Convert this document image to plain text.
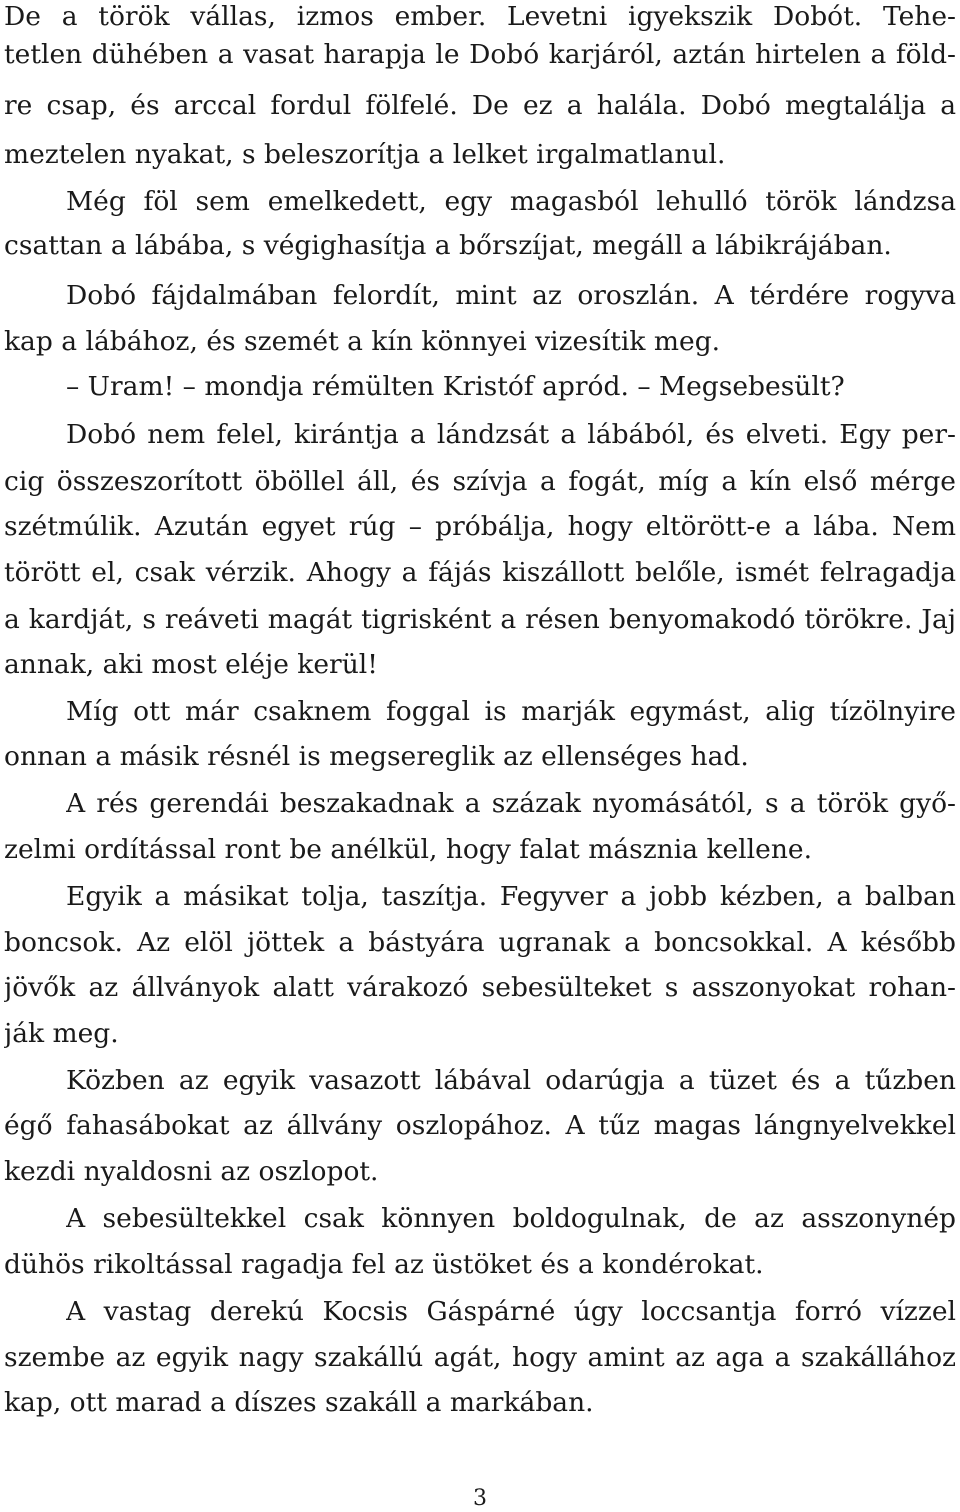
De a török vállas, izmos ember. Levetni igyekszik Dobót. Tehe-
tetlen dühében a vasat harapja le Dobó karjáról, aztán hirtelen a föld-
re csap, és arccal fordul fölfelé. De ez a halála. Dobó megtalálja a
meztelen nyakat, s beleszorítja a lelket irgalmatlanul.
Még föl sem emelkedett, egy magasból lehulló török lándzsa
csattan a lábába, s végighasítja a bőrszíjat, megáll a lábikrájában.
Dobó fájdalmában felordít, mint az oroszlán. A térdére rogyva
kap a lábához, és szemét a kín könnyei vizesítik meg.
– Uram! – mondja rémülten Kristóf apród. – Megsebesült?
Dobó nem felel, kirántja a lándzsát a lábából, és elveti. Egy per-
cig összeszorított öböllel áll, és szívja a fogát, míg a kín első mérge
szétmúlik. Azután egyet rúg – próbálja, hogy eltörött-e a lába. Nem
törött el, csak vérzik. Ahogy a fájás kiszállott belőle, ismét felragadja
a kardját, s reáveti magát tigrisként a résen benyomakodó törökre. Jaj
annak, aki most eléje kerül!
Míg ott már csaknem foggal is marják egymást, alig tízölnyire
onnan a másik résnél is megsereglik az ellenséges had.
A rés gerendái beszakadnak a százak nyomásától, s a török győ-
zelmi ordítással ront be anélkül, hogy falat másznia kellene.
Egyik a másikat tolja, taszítja. Fegyver a jobb kézben, a balban
boncsok. Az elöl jöttek a bástyára ugranak a boncsokkal. A később
jövők az állványok alatt várakozó sebesülteket s asszonyokat rohan-
ják meg.
Közben az egyik vasazott lábával odarúgja a tüzet és a tűzben
égő fahasábokat az állvány oszlopához. A tűz magas lángnyelvekkel
kezdi nyaldosni az oszlopot.
A sebesültekkel csak könnyen boldogulnak, de az asszonynép
dühös rikoltással ragadja fel az üstöket és a kondérokat.
A vastag derekú Kocsis Gáspárné úgy loccsantja forró vízzel
szembe az egyik nagy szakállú agát, hogy amint az aga a szakállához
kap, ott marad a díszes szakáll a markában.
3
